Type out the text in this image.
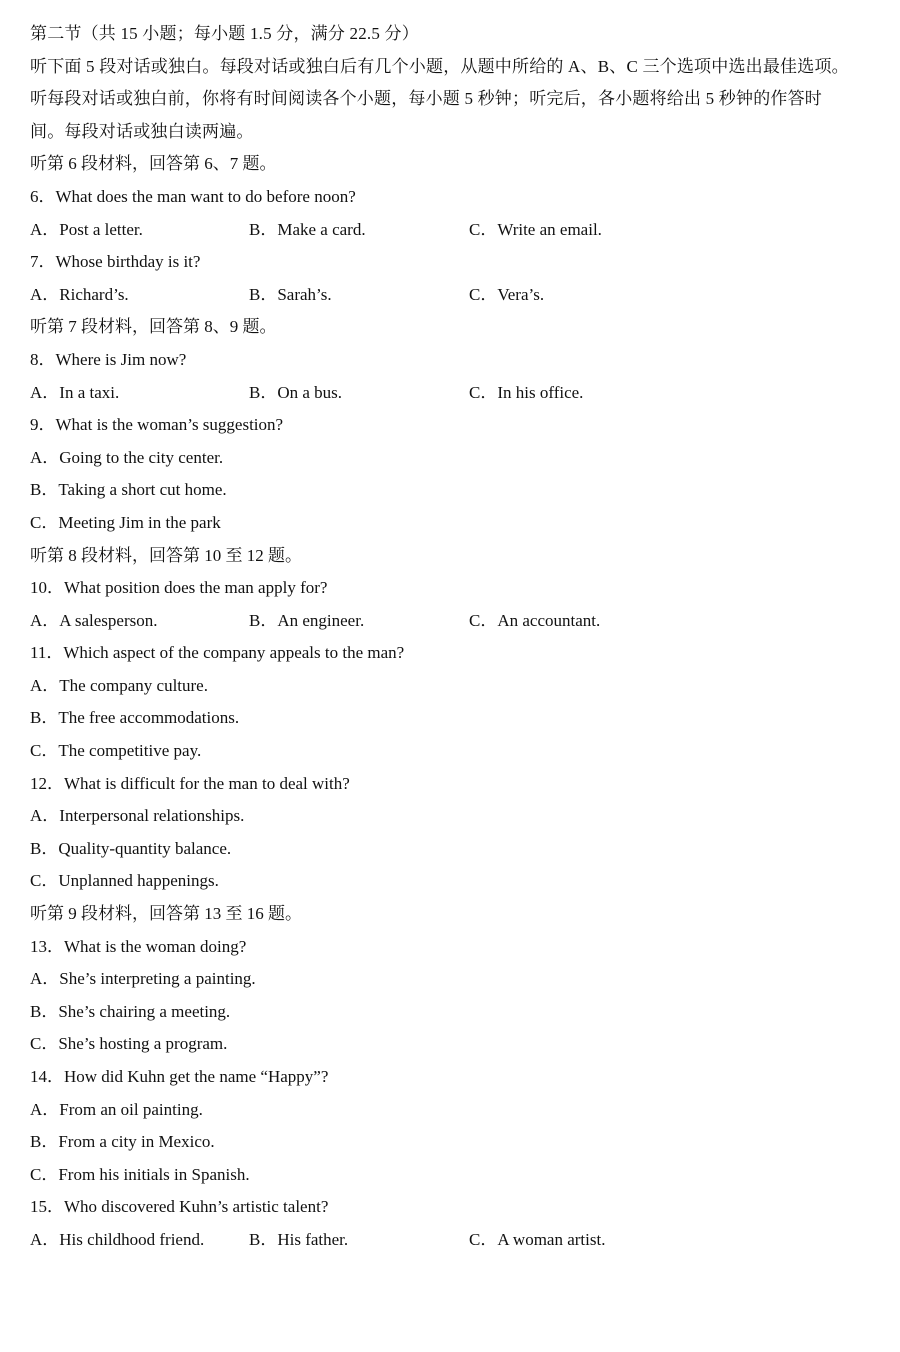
第二节（共 15 小题；每小题 1.5 分，满分 22.5 分）
听下面 5 段对话或独白。每段对话或独白后有几个小题，从题中所给的 A、B、C 三个选项中选出最佳选项。
听每段对话或独白前，你将有时间阅读各个小题，每小题 5 秒钟；听完后，各小题将给出 5 秒钟的作答时
间。每段对话或独白读两遍。
听第 6 段材料，回答第 6、7 题。
6．What does the man want to do before noon?
A．Post a letter.	B．Make a card.	C．Write an email.
7．Whose birthday is it?
A．Richard’s.	B．Sarah’s.	C．Vera’s.
听第 7 段材料，回答第 8、9 题。
8．Where is Jim now?
A．In a taxi.	B．On a bus.	C．In his office.
9．What is the woman’s suggestion?
A．Going to the city center.
B．Taking a short cut home.
C．Meeting Jim in the park
听第 8 段材料，回答第 10 至 12 题。
10．What position does the man apply for?
A．A salesperson.	B．An engineer.	C．An accountant.
11．Which aspect of the company appeals to the man?
A．The company culture.
B．The free accommodations.
C．The competitive pay.
12．What is difficult for the man to deal with?
A．Interpersonal relationships.
B．Quality-quantity balance.
C．Unplanned happenings.
听第 9 段材料，回答第 13 至 16 题。
13．What is the woman doing?
A．She’s interpreting a painting.
B．She’s chairing a meeting.
C．She’s hosting a program.
14．How did Kuhn get the name “Happy”?
A．From an oil painting.
B．From a city in Mexico.
C．From his initials in Spanish.
15．Who discovered Kuhn’s artistic talent?
A．His childhood friend.	B．His father.	C．A woman artist.
